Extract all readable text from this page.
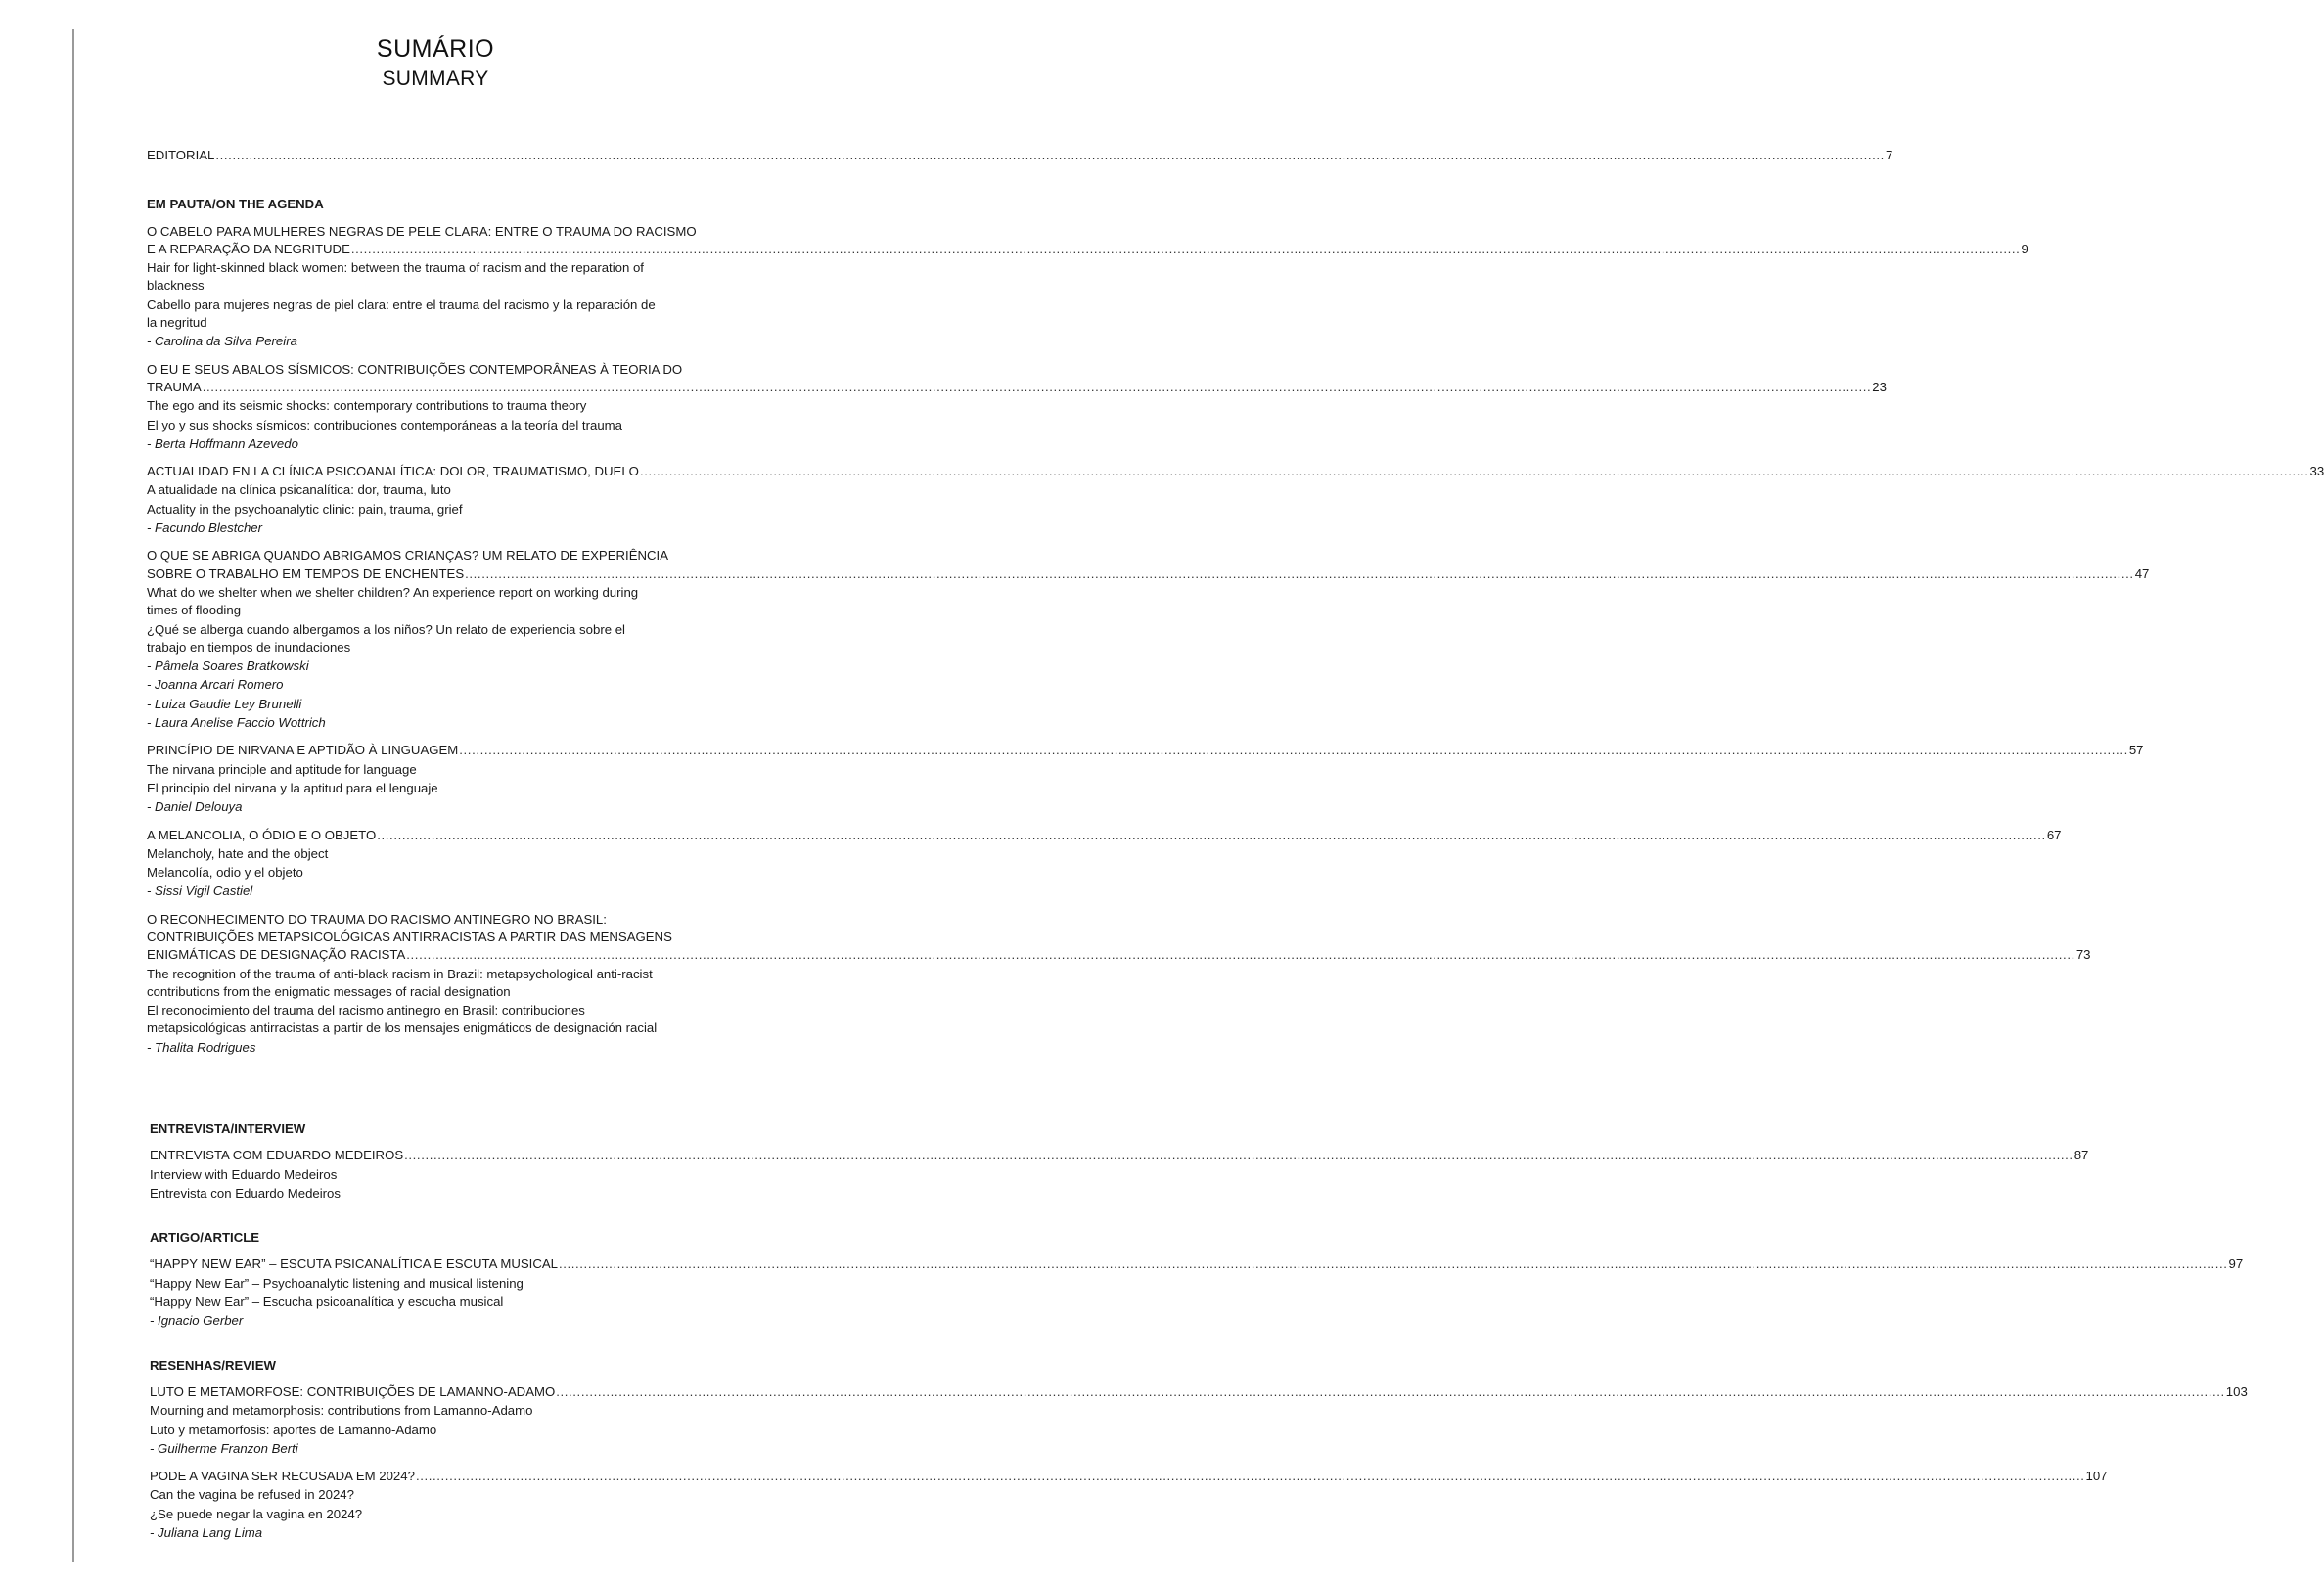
SUMÁRIO
SUMMARY
EDITORIAL ................................................................................................................................................................................................................................................................................................................................................................................................................ 7
EM PAUTA/ON THE AGENDA
O CABELO PARA MULHERES NEGRAS DE PELE CLARA: ENTRE O TRAUMA DO RACISMO
E A REPARAÇÃO DA NEGRITUDE ................................................................................................................................................................................................................................................................................................................................................................................................................ 9
Hair for light-skinned black women: between the trauma of racism and the reparation of
blackness
Cabello para mujeres negras de piel clara: entre el trauma del racismo y la reparación de
la negritud
- Carolina da Silva Pereira
O EU E SEUS ABALOS SÍSMICOS: CONTRIBUIÇÕES CONTEMPORÂNEAS À TEORIA DO
TRAUMA ................................................................................................................................................................................................................................................................................................................................................................................................................ 23
The ego and its seismic shocks: contemporary contributions to trauma theory
El yo y sus shocks sísmicos: contribuciones contemporáneas a la teoría del trauma
- Berta Hoffmann Azevedo
ACTUALIDAD EN LA CLÍNICA PSICOANALÍTICA: DOLOR, TRAUMATISMO, DUELO ................................................................................................................................................................................................................................................................................................................................................................................................................ 33
A atualidade na clínica psicanalítica: dor, trauma, luto
Actuality in the psychoanalytic clinic: pain, trauma, grief
- Facundo Blestcher
O QUE SE ABRIGA QUANDO ABRIGAMOS CRIANÇAS? UM RELATO DE EXPERIÊNCIA
SOBRE O TRABALHO EM TEMPOS DE ENCHENTES ................................................................................................................................................................................................................................................................................................................................................................................................................ 47
What do we shelter when we shelter children? An experience report on working during
times of flooding
¿Qué se alberga cuando albergamos a los niños? Un relato de experiencia sobre el
trabajo en tiempos de inundaciones
- Pâmela Soares Bratkowski
- Joanna Arcari Romero
- Luiza Gaudie Ley Brunelli
- Laura Anelise Faccio Wottrich
PRINCÍPIO DE NIRVANA E APTIDÃO À LINGUAGEM ................................................................................................................................................................................................................................................................................................................................................................................................................ 57
The nirvana principle and aptitude for language
El principio del nirvana y la aptitud para el lenguaje
- Daniel Delouya
A MELANCOLIA, O ÓDIO E O OBJETO ................................................................................................................................................................................................................................................................................................................................................................................................................ 67
Melancholy, hate and the object
Melancolía, odio y el objeto
- Sissi Vigil Castiel
O RECONHECIMENTO DO TRAUMA DO RACISMO ANTINEGRO NO BRASIL:
CONTRIBUIÇÕES METAPSICOLÓGICAS ANTIRRACISTAS A PARTIR DAS MENSAGENS
ENIGMÁTICAS DE DESIGNAÇÃO RACISTA ................................................................................................................................................................................................................................................................................................................................................................................................................ 73
The recognition of the trauma of anti-black racism in Brazil: metapsychological anti-racist
contributions from the enigmatic messages of racial designation
El reconocimiento del trauma del racismo antinegro en Brasil: contribuciones
metapsicológicas antirracistas a partir de los mensajes enigmáticos de designación racial
- Thalita Rodrigues
ENTREVISTA/INTERVIEW
ENTREVISTA COM EDUARDO MEDEIROS ................................................................................................................................................................................................................................................................................................................................................................................................................ 87
Interview with Eduardo Medeiros
Entrevista con Eduardo Medeiros
ARTIGO/ARTICLE
“HAPPY NEW EAR” – ESCUTA PSICANALÍTICA E ESCUTA MUSICAL ................................................................................................................................................................................................................................................................................................................................................................................................................ 97
“Happy New Ear” – Psychoanalytic listening and musical listening
“Happy New Ear” – Escucha psicoanalítica y escucha musical
- Ignacio Gerber
RESENHAS/REVIEW
LUTO E METAMORFOSE: CONTRIBUIÇÕES DE LAMANNO-ADAMO ................................................................................................................................................................................................................................................................................................................................................................................................................ 103
Mourning and metamorphosis: contributions from Lamanno-Adamo
Luto y metamorfosis: aportes de Lamanno-Adamo
- Guilherme Franzon Berti
PODE A VAGINA SER RECUSADA EM 2024? ................................................................................................................................................................................................................................................................................................................................................................................................................ 107
Can the vagina be refused in 2024?
¿Se puede negar la vagina en 2024?
- Juliana Lang Lima
